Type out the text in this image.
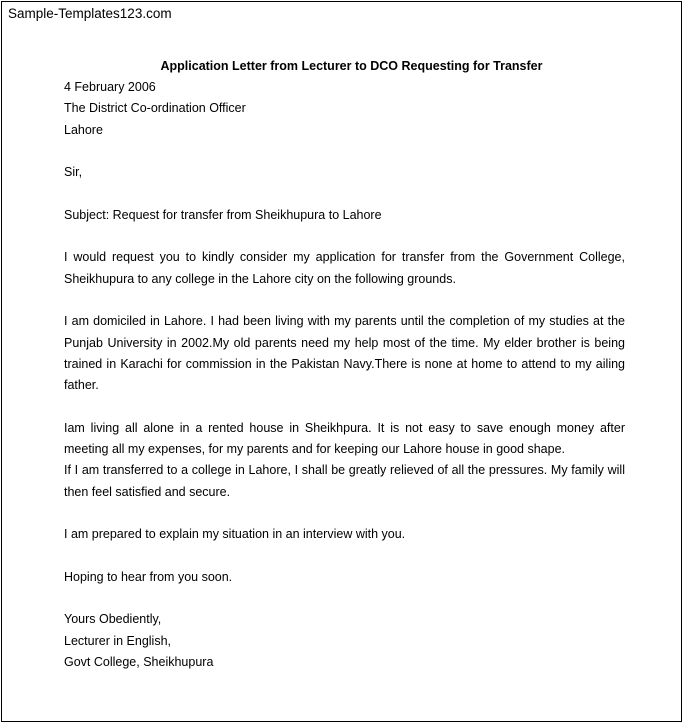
Sample-Templates123.com
Application Letter from Lecturer to DCO Requesting for Transfer
4 February 2006
The District Co-ordination Officer
Lahore
Sir,
Subject: Request for transfer from Sheikhupura to Lahore
I would request you to kindly consider my application for transfer from the Government College, Sheikhupura to any college in the Lahore city on the following grounds.
I am domiciled in Lahore. I had been living with my parents until the completion of my studies at the Punjab University in 2002.My old parents need my help most of the time. My elder brother is being trained in Karachi for commission in the Pakistan Navy.There is none at home to attend to my ailing father.
Iam living all alone in a rented house in Sheikhpura. It is not easy to save enough money after meeting all my expenses, for my parents and for keeping our Lahore house in good shape.
If I am transferred to a college in Lahore, I shall be greatly relieved of all the pressures. My family will then feel satisfied and secure.
I am prepared to explain my situation in an interview with you.
Hoping to hear from you soon.
Yours Obediently,
Lecturer in English,
Govt College, Sheikhupura
